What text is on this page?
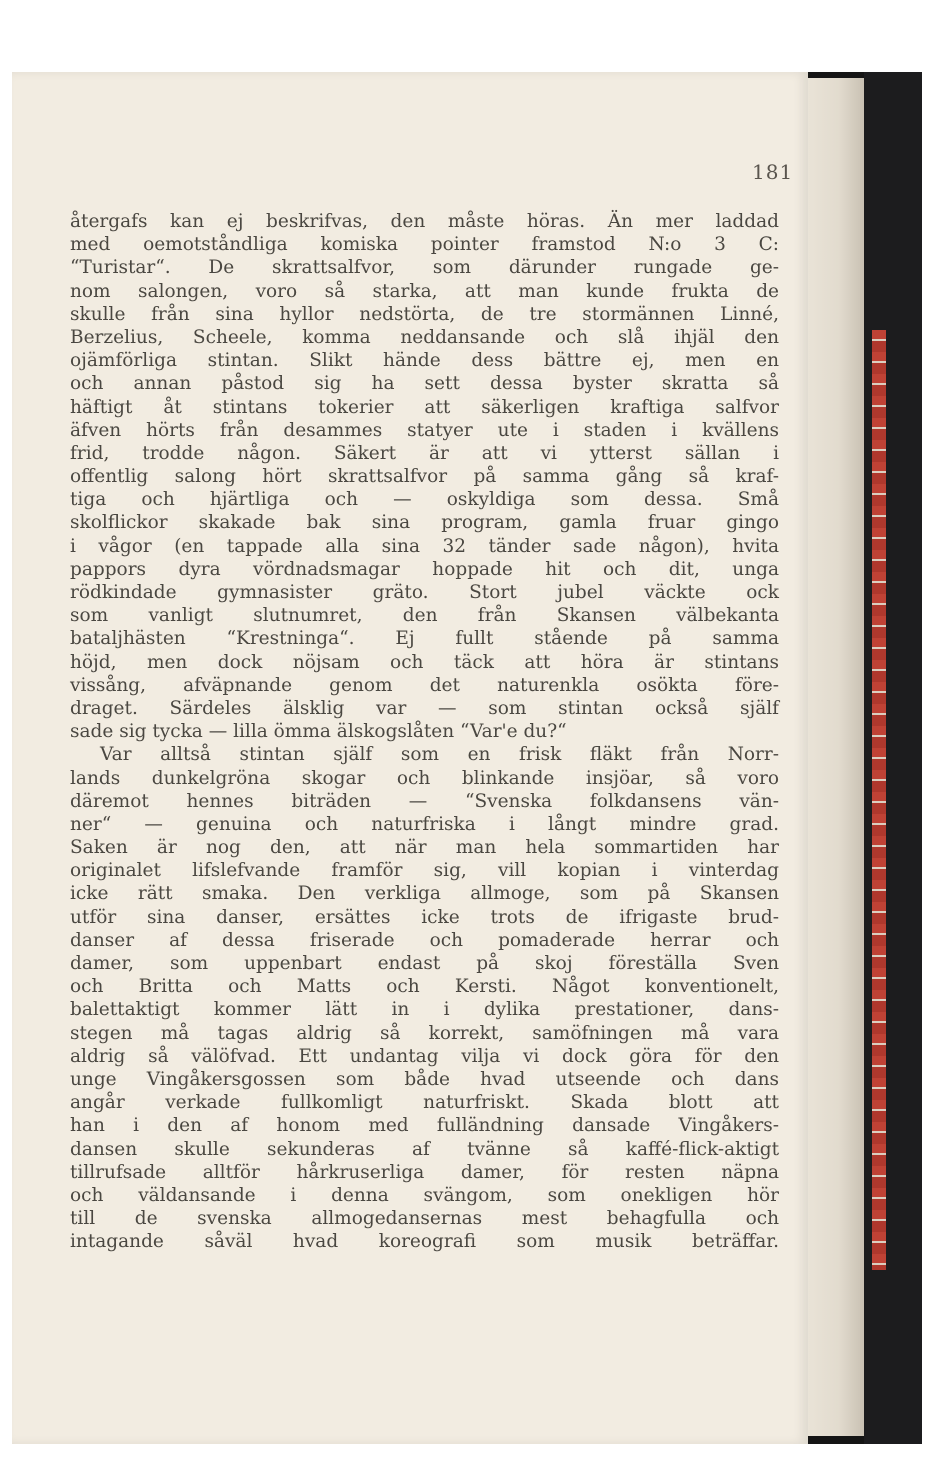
181
återgafs kan ej beskrifvas, den måste höras. Än mer laddad
med oemotståndliga komiska pointer framstod N:o 3 C:
“Turistar“. De skrattsalfvor, som därunder rungade ge-
nom salongen, voro så starka, att man kunde frukta de
skulle från sina hyllor nedstörta, de tre stormännen Linné,
Berzelius, Scheele, komma neddansande och slå ihjäl den
ojämförliga stintan. Slikt hände dess bättre ej, men en
och annan påstod sig ha sett dessa byster skratta så
häftigt åt stintans tokerier att säkerligen kraftiga salfvor
äfven hörts från desammes statyer ute i staden i kvällens
frid, trodde någon. Säkert är att vi ytterst sällan i
offentlig salong hört skrattsalfvor på samma gång så kraf-
tiga och hjärtliga och — oskyldiga som dessa. Små
skolflickor skakade bak sina program, gamla fruar gingo
i vågor (en tappade alla sina 32 tänder sade någon), hvita
pappors dyra vördnadsmagar hoppade hit och dit, unga
rödkindade gymnasister gräto. Stort jubel väckte ock
som vanligt slutnumret, den från Skansen välbekanta
bataljhästen “Krestninga“. Ej fullt stående på samma
höjd, men dock nöjsam och täck att höra är stintans
vissång, afväpnande genom det naturenkla osökta före-
draget. Särdeles älsklig var — som stintan också själf
sade sig tycka — lilla ömma älskogslåten “Var'e du?“
Var alltså stintan själf som en frisk fläkt från Norr-
lands dunkelgröna skogar och blinkande insjöar, så voro
däremot hennes biträden — “Svenska folkdansens vän-
ner“ — genuina och naturfriska i långt mindre grad.
Saken är nog den, att när man hela sommartiden har
originalet lifslefvande framför sig, vill kopian i vinterdag
icke rätt smaka. Den verkliga allmoge, som på Skansen
utför sina danser, ersättes icke trots de ifrigaste brud-
danser af dessa friserade och pomaderade herrar och
damer, som uppenbart endast på skoj föreställa Sven
och Britta och Matts och Kersti. Något konventionelt,
balettaktigt kommer lätt in i dylika prestationer, dans-
stegen må tagas aldrig så korrekt, samöfningen må vara
aldrig så välöfvad. Ett undantag vilja vi dock göra för den
unge Vingåkersgossen som både hvad utseende och dans
angår verkade fullkomligt naturfriskt. Skada blott att
han i den af honom med fulländning dansade Vingåkers-
dansen skulle sekunderas af tvänne så kaffé-flick-aktigt
tillrufsade alltför hårkruserliga damer, för resten näpna
och väldansande i denna svängom, som onekligen hör
till de svenska allmogedansernas mest behagfulla och
intagande såväl hvad koreografi som musik beträffar.
